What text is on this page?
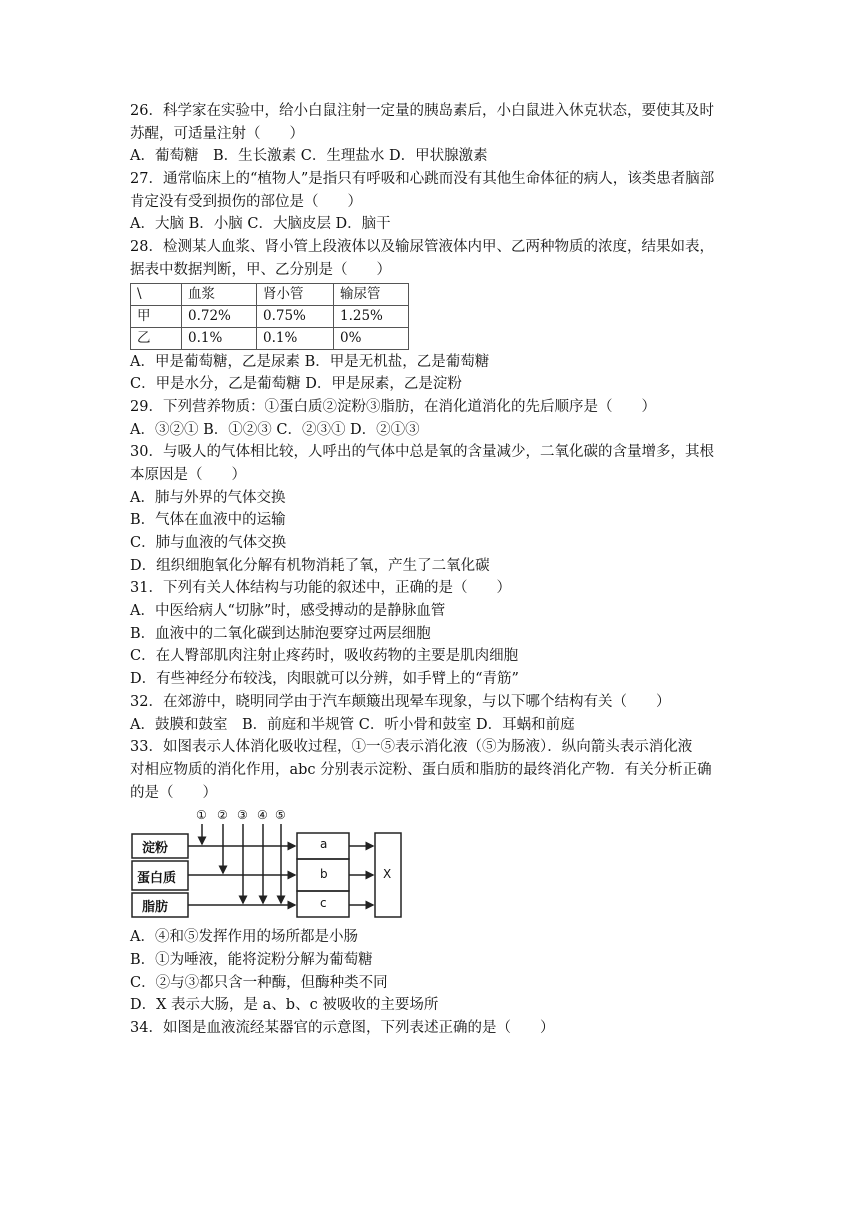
26．科学家在实验中，给小白鼠注射一定量的胰岛素后，小白鼠进入休克状态，要使其及时
苏醒，可适量注射（　　）
A．葡萄糖　B．生长激素 C．生理盐水 D．甲状腺激素
27．通常临床上的“植物人”是指只有呼吸和心跳而没有其他生命体征的病人，该类患者脑部
肯定没有受到损伤的部位是（　　）
A．大脑 B．小脑 C．大脑皮层 D．脑干
28．检测某人血浆、肾小管上段液体以及输尿管液体内甲、乙两种物质的浓度，结果如表，
据表中数据判断，甲、乙分别是（　　）
\	血浆	肾小管	输尿管
甲	0.72%	0.75%	1.25%
乙	0.1%	0.1%	0%
A．甲是葡萄糖，乙是尿素 B．甲是无机盐，乙是葡萄糖
C．甲是水分，乙是葡萄糖 D．甲是尿素，乙是淀粉
29．下列营养物质：①蛋白质②淀粉③脂肪，在消化道消化的先后顺序是（　　）
A．③②① B．①②③ C．②③① D．②①③
30．与吸人的气体相比较，人呼出的气体中总是氧的含量减少，二氧化碳的含量增多，其根
本原因是（　　）
A．肺与外界的气体交换
B．气体在血液中的运输
C．肺与血液的气体交换
D．组织细胞氧化分解有机物消耗了氧，产生了二氧化碳
31．下列有关人体结构与功能的叙述中，正确的是（　　）
A．中医给病人“切脉”时，感受搏动的是静脉血管
B．血液中的二氧化碳到达肺泡要穿过两层细胞
C．在人臀部肌肉注射止疼药时，吸收药物的主要是肌肉细胞
D．有些神经分布较浅，肉眼就可以分辨，如手臂上的“青筋”
32．在郊游中，晓明同学由于汽车颠簸出现晕车现象，与以下哪个结构有关（　　）
A．鼓膜和鼓室　B．前庭和半规管 C．听小骨和鼓室 D．耳蜗和前庭
33．如图表示人体消化吸收过程，①一⑤表示消化液（⑤为肠液）．纵向箭头表示消化液
对相应物质的消化作用，abc 分别表示淀粉、蛋白质和脂肪的最终消化产物．有关分析正确
的是（　　）
① ② ③ ④ ⑤
淀粉
蛋白质
脂肪
a
b
c
X
A．④和⑤发挥作用的场所都是小肠
B．①为唾液，能将淀粉分解为葡萄糖
C．②与③都只含一种酶，但酶种类不同
D．X 表示大肠，是 a、b、c 被吸收的主要场所
34．如图是血液流经某器官的示意图，下列表述正确的是（　　）
